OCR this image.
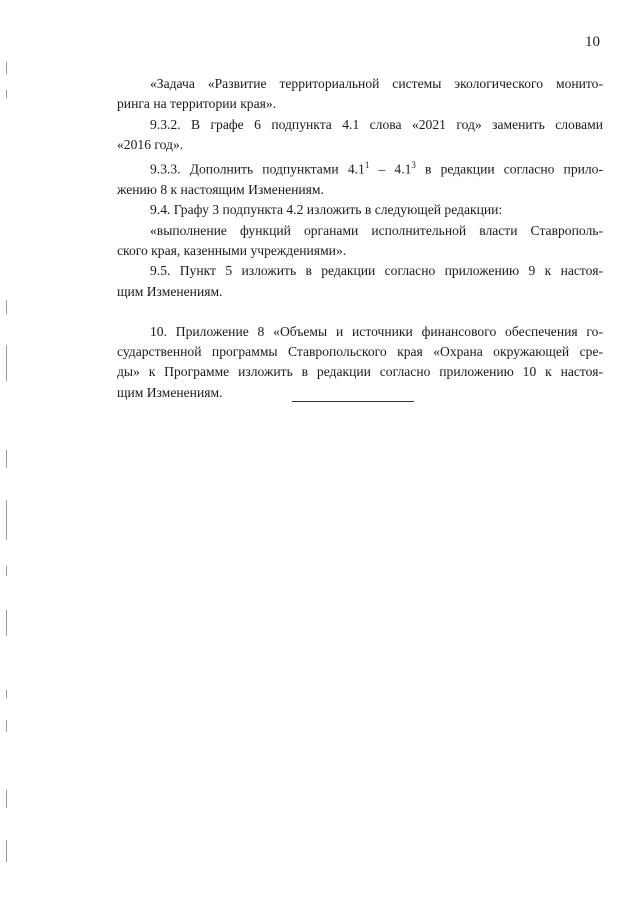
10
«Задача «Развитие территориальной системы экологического монито-
ринга на территории края».
9.3.2. В графе 6 подпункта 4.1 слова «2021 год» заменить словами
«2016 год».
9.3.3. Дополнить подпунктами $4.1^1 - 4.1^3$ в редакции согласно прило-
жению 8 к настоящим Изменениям.
9.4. Графу 3 подпункта 4.2 изложить в следующей редакции:
«выполнение функций органами исполнительной власти Ставрополь-
ского края, казенными учреждениями».
9.5. Пункт 5 изложить в редакции согласно приложению 9 к настоя-
щим Изменениям.
10. Приложение 8 «Объемы и источники финансового обеспечения го-
сударственной программы Ставропольского края «Охрана окружающей сре-
ды» к Программе изложить в редакции согласно приложению 10 к настоя-
щим Изменениям.
